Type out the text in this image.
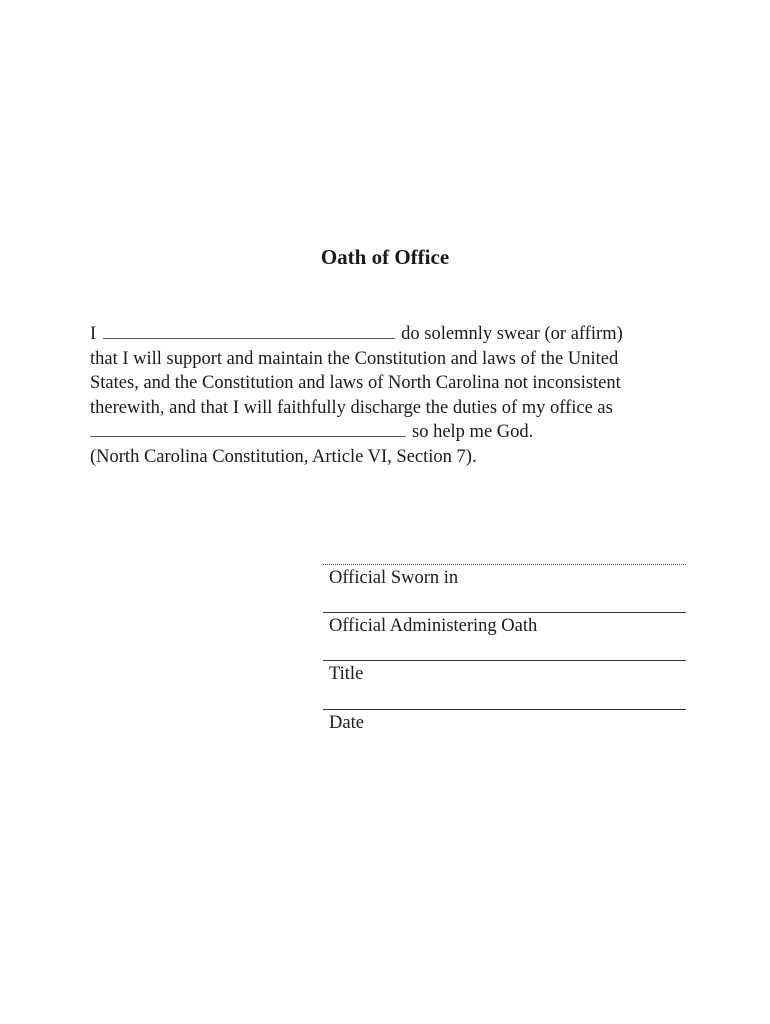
Oath of Office
I	do solemnly swear (or affirm)
that I will support and maintain the Constitution and laws of the United
States, and the Constitution and laws of North Carolina not inconsistent
therewith, and that I will faithfully discharge the duties of my office as
so help me God.
(North Carolina Constitution, Article VI, Section 7).
Official Sworn in
Official Administering Oath
Title
Date
